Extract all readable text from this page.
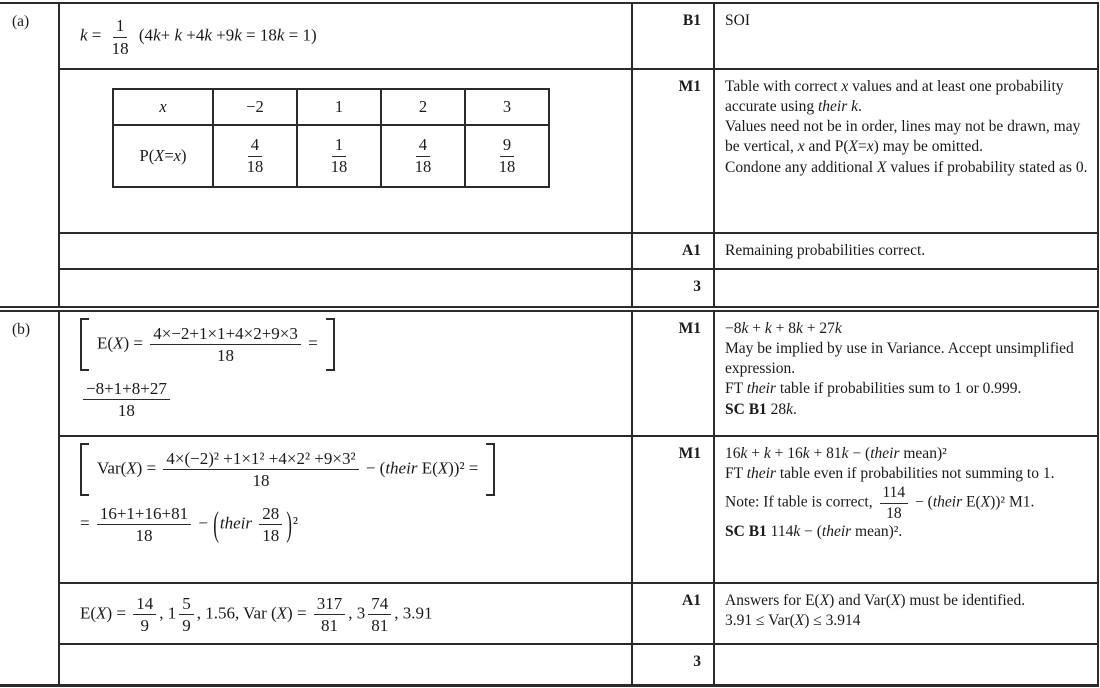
(a)
$k = \frac{1}{18} (4k+ k +4k +9k = 18k = 1)$
B1	SOI
x	−2	1	2	3
P(X=x)	$\frac{4}{18}$	$\frac{1}{18}$	$\frac{4}{18}$	$\frac{9}{18}$
M1	Table with correct x values and at least one probability accurate using their k.
Values need not be in order, lines may not be drawn, may be vertical, x and P(X=x) may be omitted.
Condone any additional X values if probability stated as 0.
A1	Remaining probabilities correct.
3
(b)
$E(X) = \frac{4\times-2+1\times 1+4\times 2+9\times 3}{18}$ =
$\frac{-8+1+8+27}{18}$
M1	−8k + k + 8k + 27k
May be implied by use in Variance. Accept unsimplified expression.
FT their table if probabilities sum to 1 or 0.999.
SC B1 28k.
$Var(X) = \frac{\text{4×(−2)² +1×1² +4×2² +9×3²}}{18}$ − (their E(X))² =
= $\frac{16+1+16+81}{18}$ − (their $\frac{28}{18} )^2$
M1	16k + k + 16k + 81k − (their mean)²
FT their table even if probabilities not summing to 1.
Note: If table is correct, $\frac{114}{18}$ − (their E(X))² M1.
SC B1 114k − (their mean)².
$E(X) = \frac{14}{9}$ , $1 \frac{5}{9}$ , 1.56, Var $(X) = \frac{317}{81}$ , $3 \frac{74}{81}$ , 3.91
A1	Answers for E(X) and Var(X) must be identified.
3.91 ≤ Var(X) ≤ 3.914
3
